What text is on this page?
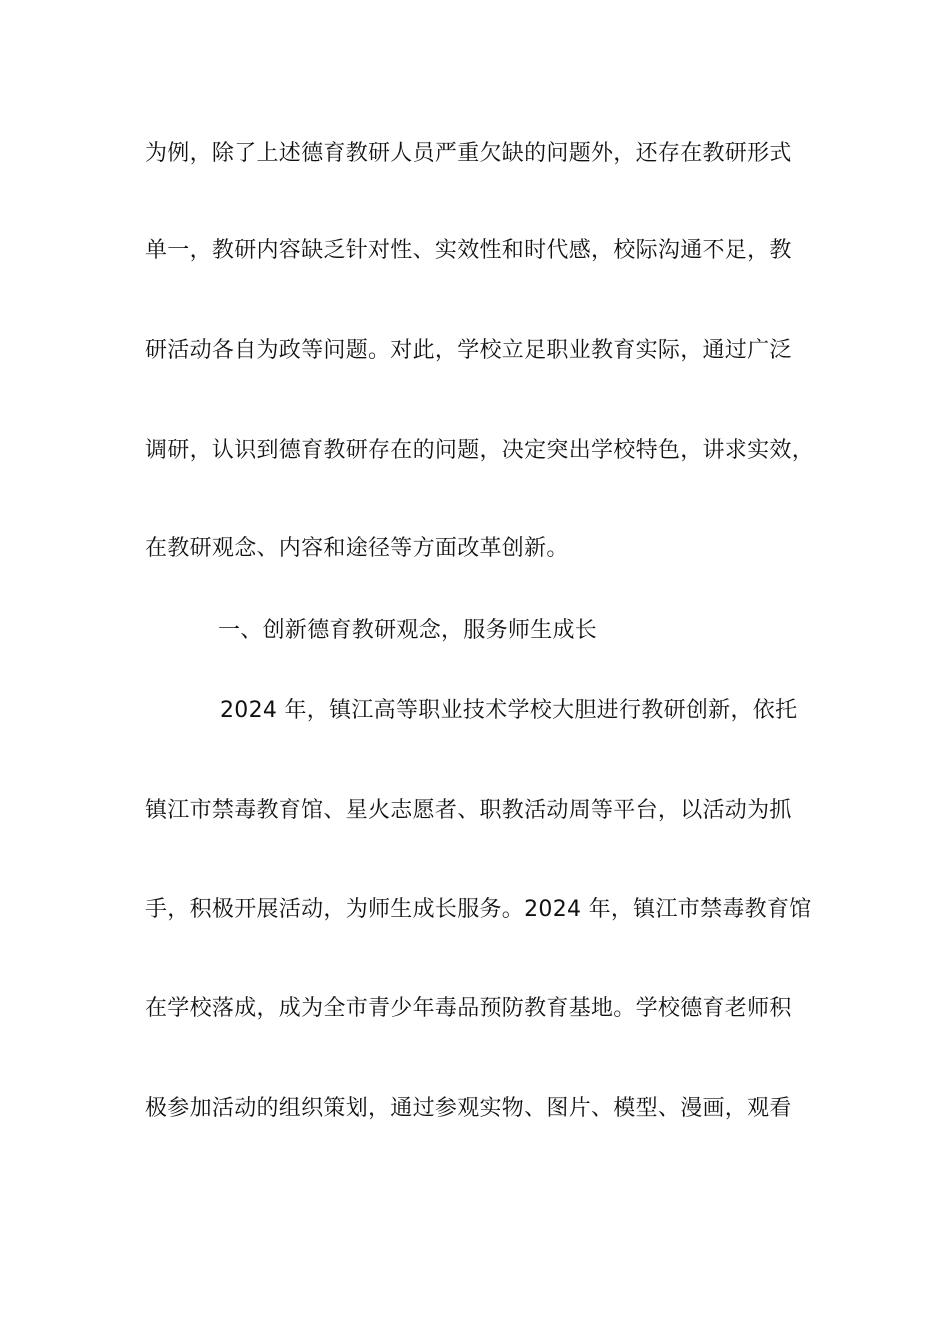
为例，除了上述德育教研人员严重欠缺的问题外，还存在教研形式
单一，教研内容缺乏针对性、实效性和时代感，校际沟通不足，教
研活动各自为政等问题。对此，学校立足职业教育实际，通过广泛
调研，认识到德育教研存在的问题，决定突出学校特色，讲求实效，
在教研观念、内容和途径等方面改革创新。
一、创新德育教研观念，服务师生成长
2024 年，镇江高等职业技术学校大胆进行教研创新，依托
镇江市禁毒教育馆、星火志愿者、职教活动周等平台，以活动为抓
手，积极开展活动，为师生成长服务。2024 年，镇江市禁毒教育馆
在学校落成，成为全市青少年毒品预防教育基地。学校德育老师积
极参加活动的组织策划，通过参观实物、图片、模型、漫画，观看
